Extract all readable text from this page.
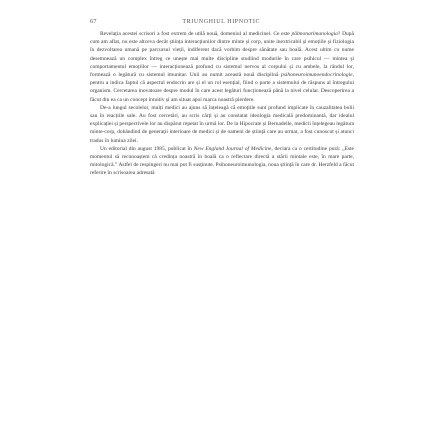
67	TRIUNGHIUL HIPNOTIC

Revelația acestei scrisori a fost extrem de utilă nouă, domeniul al medicinei. Ce este pălmonarimanologia? După cum am aflat, nu este altceva decât știința interacțiunilor dintre minte și corp, unite inextricabil și emoțiile și fiziologia în dezvoltarea umană pe parcursul vieții, indiferent dacă vorbim despre sănătate sau boală. Acest ultim cu nume desemnează un complex întreg ce unește mai multe discipline studiind modurile în care psihicul — mintea și comportamentul emoțiilor — interacționează profund cu sistemul nervos al corpului și cu ambele, la rândul lor, formează o legătură cu sistemul imunitar. Unii au numit această nouă disciplină psihoneuroimunoendocrinologie, pentru a indica faptul că aspectul endocrin are și el un rol esențial, fiind o parte a sistemului de răspuns al întregului organism. Cercetarea inovatoare despre modul în care acest legături funcționează până la nivel celular. Descoperirea a făcut din ea ca un concept intuitiv și am situat apoi marca noastră pierdere.

De-a lungul secolelor, mulți medici au ajuns să înțeleagă că emoțiile sunt profund implicate în cauzalitatea bolii sau în reacțiile sale. Au fost cercetări, au scris cărți și au constatat ideologia medicală predominantă, dar idealul explicației și perspectivele lor au dispărut repetat în urmă lor. De la Hipocrate și Bernadelle, medicii înțelegeau legătura minte-corp, dobândind de generații interioare de medici și de oameni de știință care au urmat, a fost cunoscut și atunci tradus în lumina zilei.

Un editorial din august 1985, publicat în New England Journal of Medicine, declara ca o certitudine pură: „Este momentul să recunoaștem că credința noastră în boală ca o reflectare directă a stării mintale este, în mare parte, mitologică.” Astfel de respingeri nu mai pot fi susținute. Psihoneuroimunologia, noua știință în care dr. Herzfeld a făcut referire în scrisoarea adresată
